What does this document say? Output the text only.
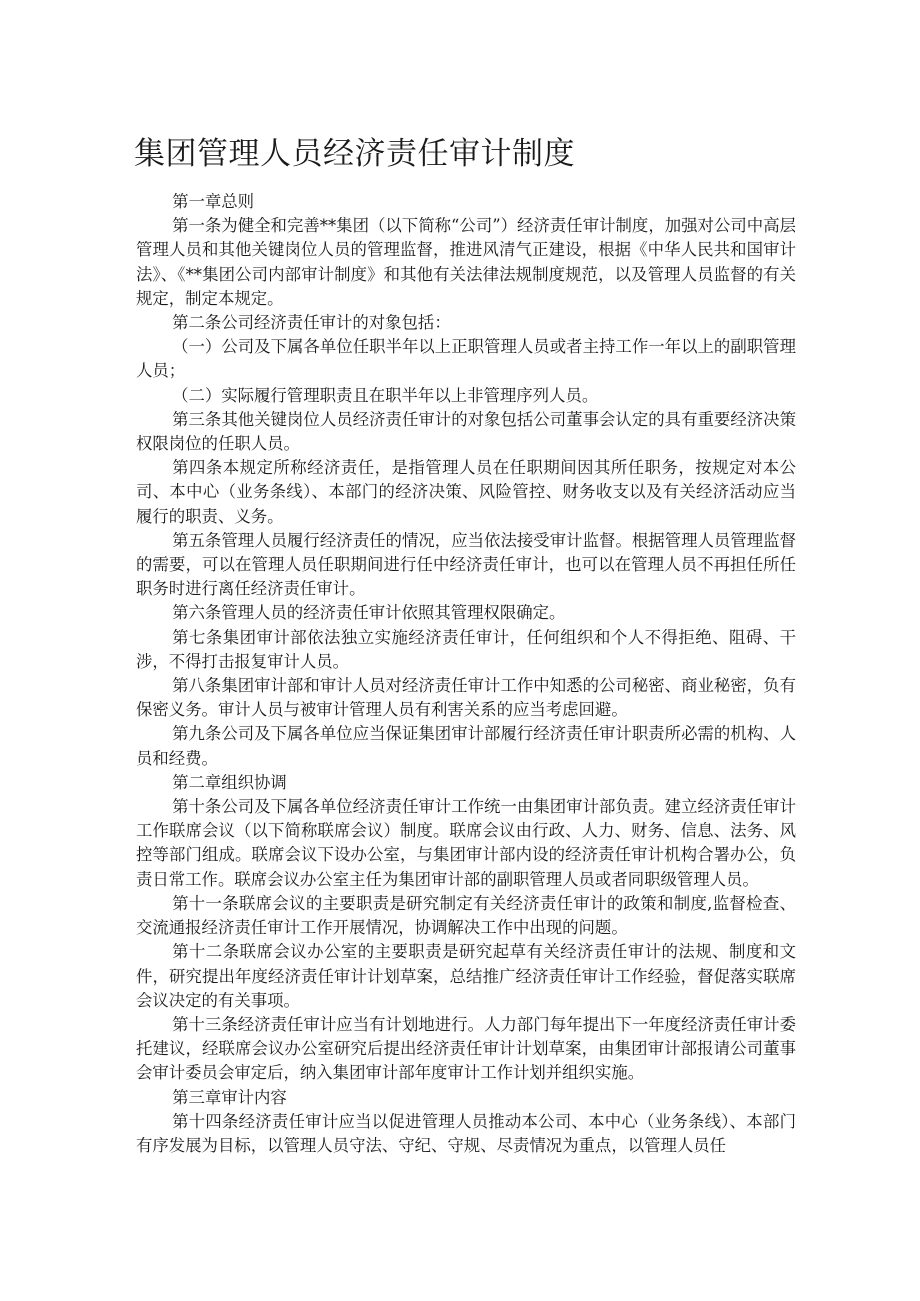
集团管理人员经济责任审计制度

第一章总则

第一条为健全和完善**集团（以下简称“公司”）经济责任审计制度，加强对公司中高层管理人员和其他关键岗位人员的管理监督，推进风清气正建设，根据《中华人民共和国审计法》、《**集团公司内部审计制度》和其他有关法律法规制度规范，以及管理人员监督的有关规定，制定本规定。

第二条公司经济责任审计的对象包括：

（一）公司及下属各单位任职半年以上正职管理人员或者主持工作一年以上的副职管理人员；

（二）实际履行管理职责且在职半年以上非管理序列人员。

第三条其他关键岗位人员经济责任审计的对象包括公司董事会认定的具有重要经济决策权限岗位的任职人员。

第四条本规定所称经济责任，是指管理人员在任职期间因其所任职务，按规定对本公司、本中心（业务条线）、本部门的经济决策、风险管控、财务收支以及有关经济活动应当履行的职责、义务。

第五条管理人员履行经济责任的情况，应当依法接受审计监督。根据管理人员管理监督的需要，可以在管理人员任职期间进行任中经济责任审计，也可以在管理人员不再担任所任职务时进行离任经济责任审计。

第六条管理人员的经济责任审计依照其管理权限确定。

第七条集团审计部依法独立实施经济责任审计，任何组织和个人不得拒绝、阻碍、干涉，不得打击报复审计人员。

第八条集团审计部和审计人员对经济责任审计工作中知悉的公司秘密、商业秘密，负有保密义务。审计人员与被审计管理人员有利害关系的应当考虑回避。

第九条公司及下属各单位应当保证集团审计部履行经济责任审计职责所必需的机构、人员和经费。

第二章组织协调

第十条公司及下属各单位经济责任审计工作统一由集团审计部负责。建立经济责任审计工作联席会议（以下简称联席会议）制度。联席会议由行政、人力、财务、信息、法务、风控等部门组成。联席会议下设办公室，与集团审计部内设的经济责任审计机构合署办公，负责日常工作。联席会议办公室主任为集团审计部的副职管理人员或者同职级管理人员。

第十一条联席会议的主要职责是研究制定有关经济责任审计的政策和制度,监督检查、交流通报经济责任审计工作开展情况，协调解决工作中出现的问题。

第十二条联席会议办公室的主要职责是研究起草有关经济责任审计的法规、制度和文件，研究提出年度经济责任审计计划草案，总结推广经济责任审计工作经验，督促落实联席会议决定的有关事项。

第十三条经济责任审计应当有计划地进行。人力部门每年提出下一年度经济责任审计委托建议，经联席会议办公室研究后提出经济责任审计计划草案，由集团审计部报请公司董事会审计委员会审定后，纳入集团审计部年度审计工作计划并组织实施。

第三章审计内容

第十四条经济责任审计应当以促进管理人员推动本公司、本中心（业务条线）、本部门有序发展为目标，以管理人员守法、守纪、守规、尽责情况为重点，以管理人员任
